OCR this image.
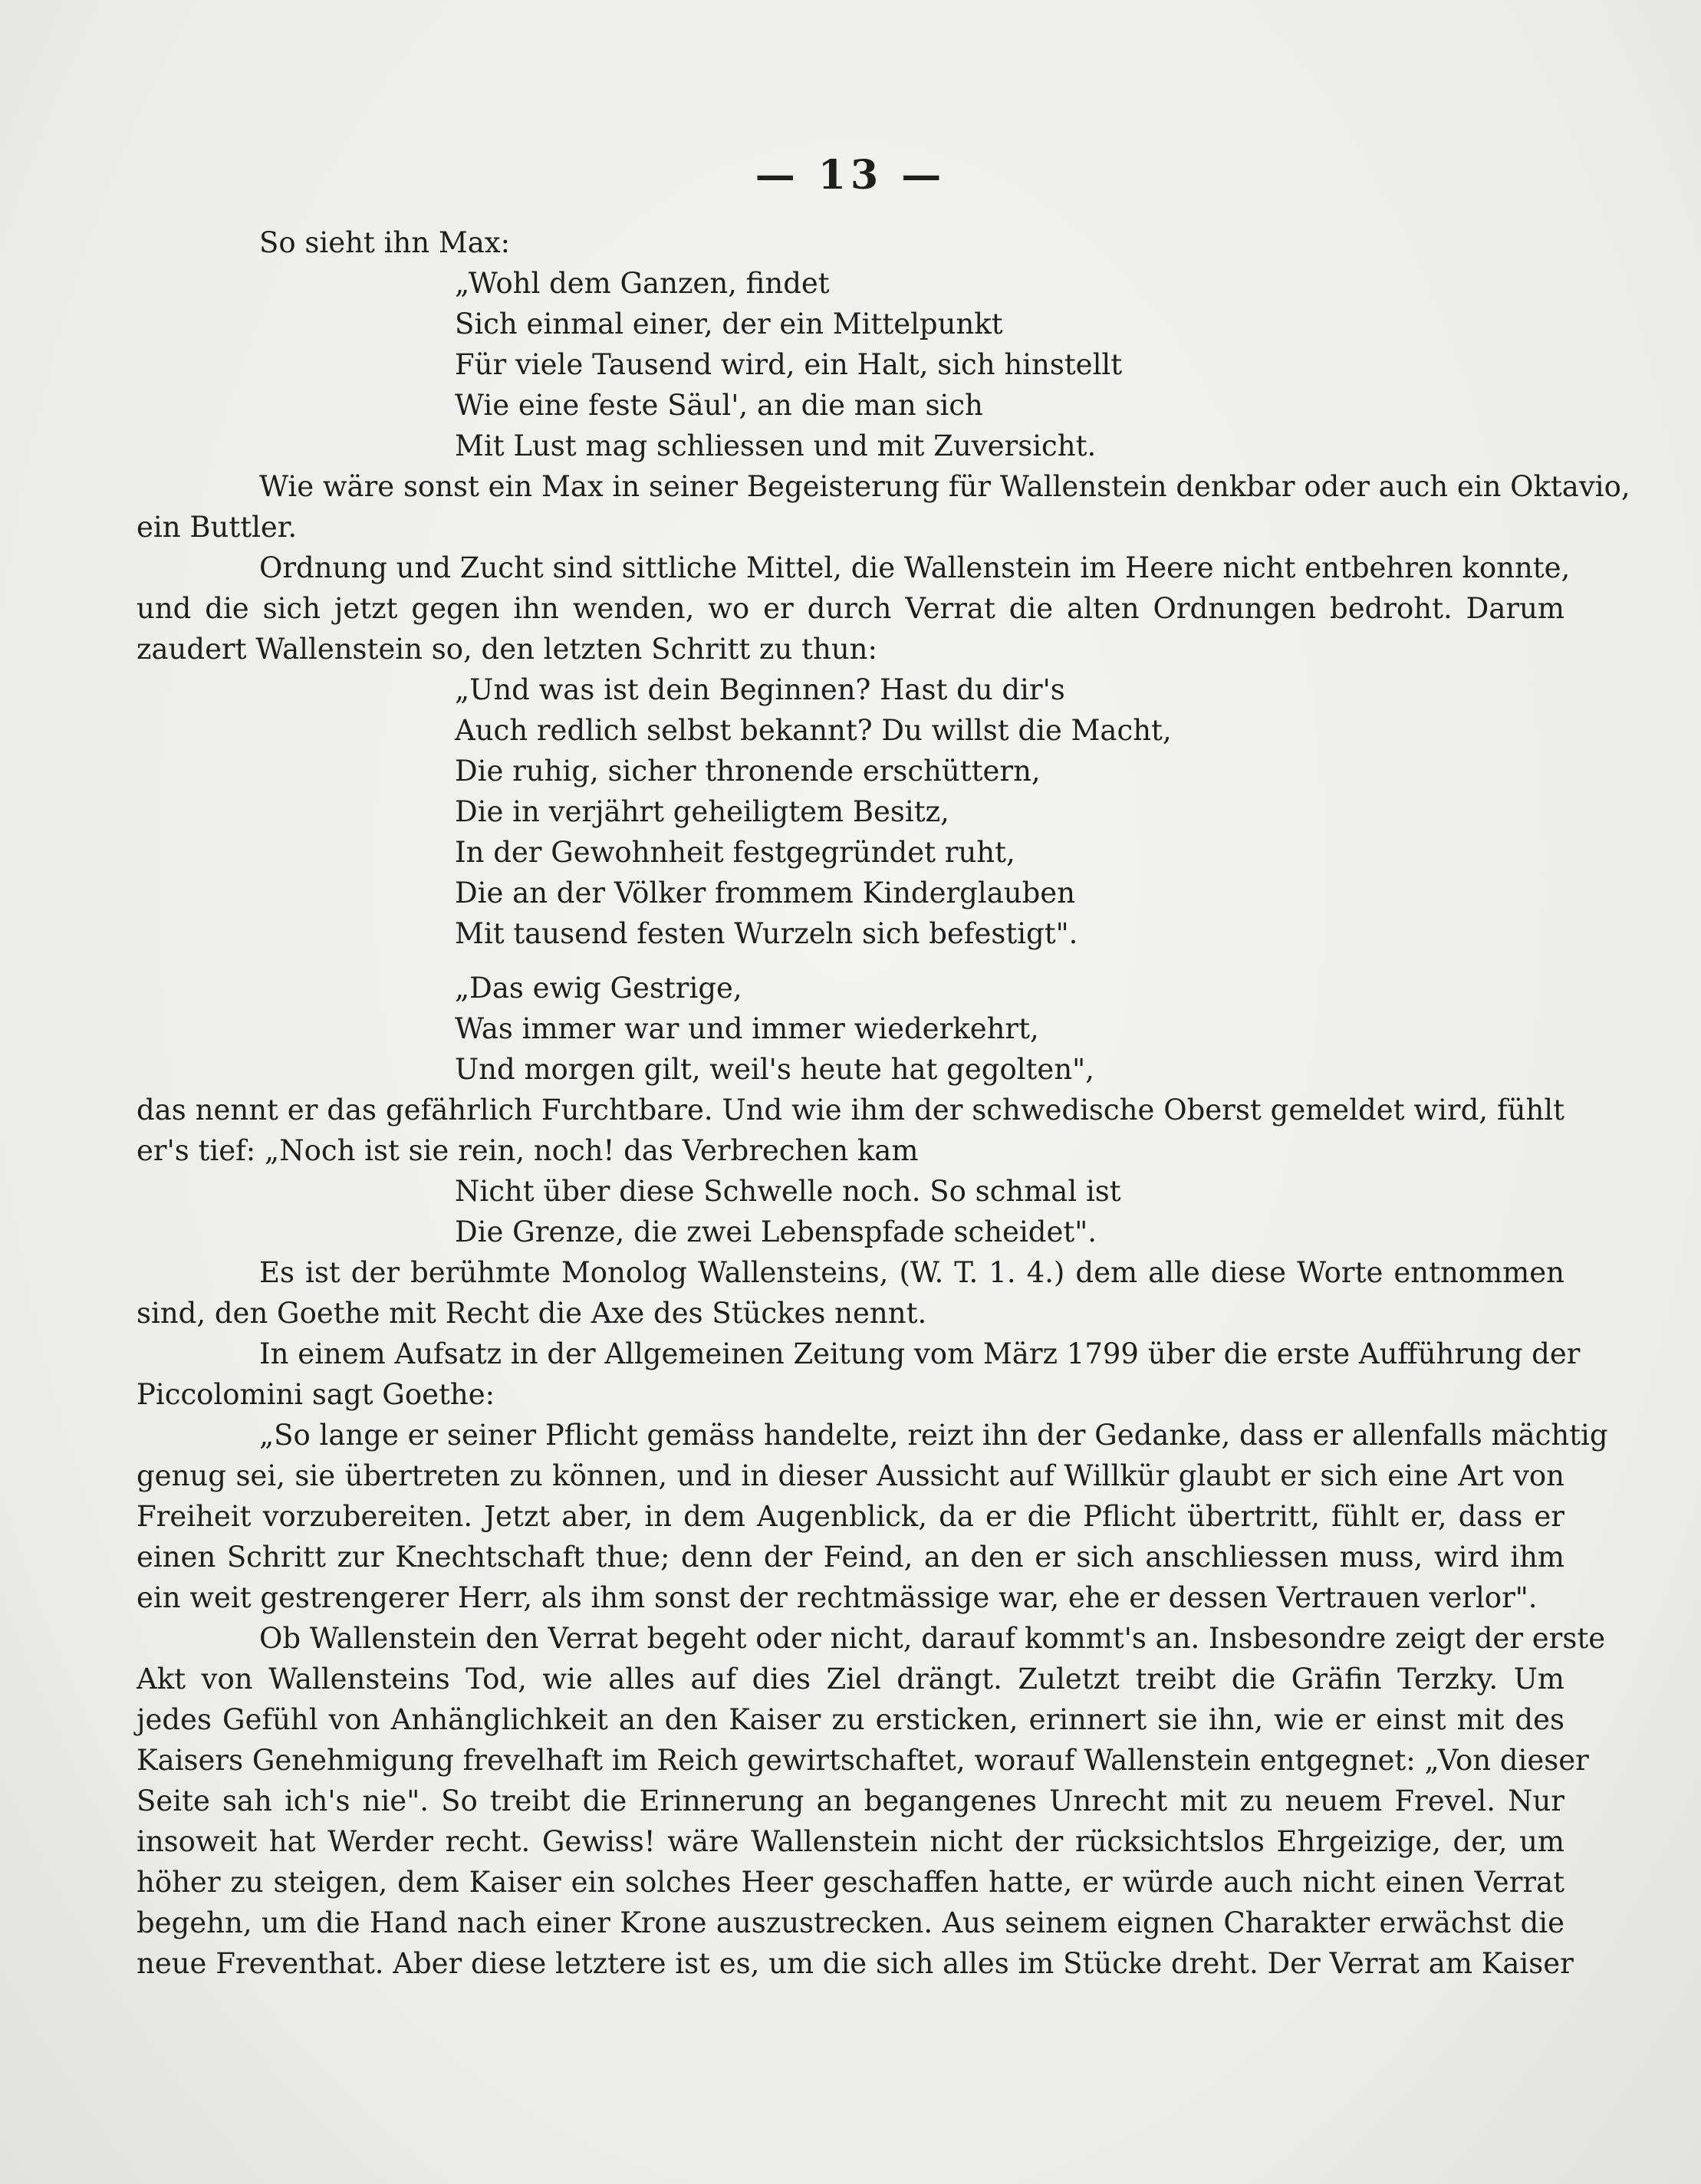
— 13 —
So sieht ihn Max:
„Wohl dem Ganzen, findet
Sich einmal einer, der ein Mittelpunkt
Für viele Tausend wird, ein Halt, sich hinstellt
Wie eine feste Säul', an die man sich
Mit Lust mag schliessen und mit Zuversicht.
Wie wäre sonst ein Max in seiner Begeisterung für Wallenstein denkbar oder auch ein Oktavio,
ein Buttler.
Ordnung und Zucht sind sittliche Mittel, die Wallenstein im Heere nicht entbehren konnte,
und die sich jetzt gegen ihn wenden, wo er durch Verrat die alten Ordnungen bedroht. Darum
zaudert Wallenstein so, den letzten Schritt zu thun:
„Und was ist dein Beginnen? Hast du dir's
Auch redlich selbst bekannt? Du willst die Macht,
Die ruhig, sicher thronende erschüttern,
Die in verjährt geheiligtem Besitz,
In der Gewohnheit festgegründet ruht,
Die an der Völker frommem Kinderglauben
Mit tausend festen Wurzeln sich befestigt".
„Das ewig Gestrige,
Was immer war und immer wiederkehrt,
Und morgen gilt, weil's heute hat gegolten",
das nennt er das gefährlich Furchtbare. Und wie ihm der schwedische Oberst gemeldet wird, fühlt
er's tief: „Noch ist sie rein, noch! das Verbrechen kam
Nicht über diese Schwelle noch. So schmal ist
Die Grenze, die zwei Lebenspfade scheidet".
Es ist der berühmte Monolog Wallensteins, (W. T. 1. 4.) dem alle diese Worte entnommen
sind, den Goethe mit Recht die Axe des Stückes nennt.
In einem Aufsatz in der Allgemeinen Zeitung vom März 1799 über die erste Aufführung der
Piccolomini sagt Goethe:
„So lange er seiner Pflicht gemäss handelte, reizt ihn der Gedanke, dass er allenfalls mächtig
genug sei, sie übertreten zu können, und in dieser Aussicht auf Willkür glaubt er sich eine Art von
Freiheit vorzubereiten. Jetzt aber, in dem Augenblick, da er die Pflicht übertritt, fühlt er, dass er
einen Schritt zur Knechtschaft thue; denn der Feind, an den er sich anschliessen muss, wird ihm
ein weit gestrengerer Herr, als ihm sonst der rechtmässige war, ehe er dessen Vertrauen verlor".
Ob Wallenstein den Verrat begeht oder nicht, darauf kommt's an. Insbesondre zeigt der erste
Akt von Wallensteins Tod, wie alles auf dies Ziel drängt. Zuletzt treibt die Gräfin Terzky. Um
jedes Gefühl von Anhänglichkeit an den Kaiser zu ersticken, erinnert sie ihn, wie er einst mit des
Kaisers Genehmigung frevelhaft im Reich gewirtschaftet, worauf Wallenstein entgegnet: „Von dieser
Seite sah ich's nie". So treibt die Erinnerung an begangenes Unrecht mit zu neuem Frevel. Nur
insoweit hat Werder recht. Gewiss! wäre Wallenstein nicht der rücksichtslos Ehrgeizige, der, um
höher zu steigen, dem Kaiser ein solches Heer geschaffen hatte, er würde auch nicht einen Verrat
begehn, um die Hand nach einer Krone auszustrecken. Aus seinem eignen Charakter erwächst die
neue Freventhat. Aber diese letztere ist es, um die sich alles im Stücke dreht. Der Verrat am Kaiser
